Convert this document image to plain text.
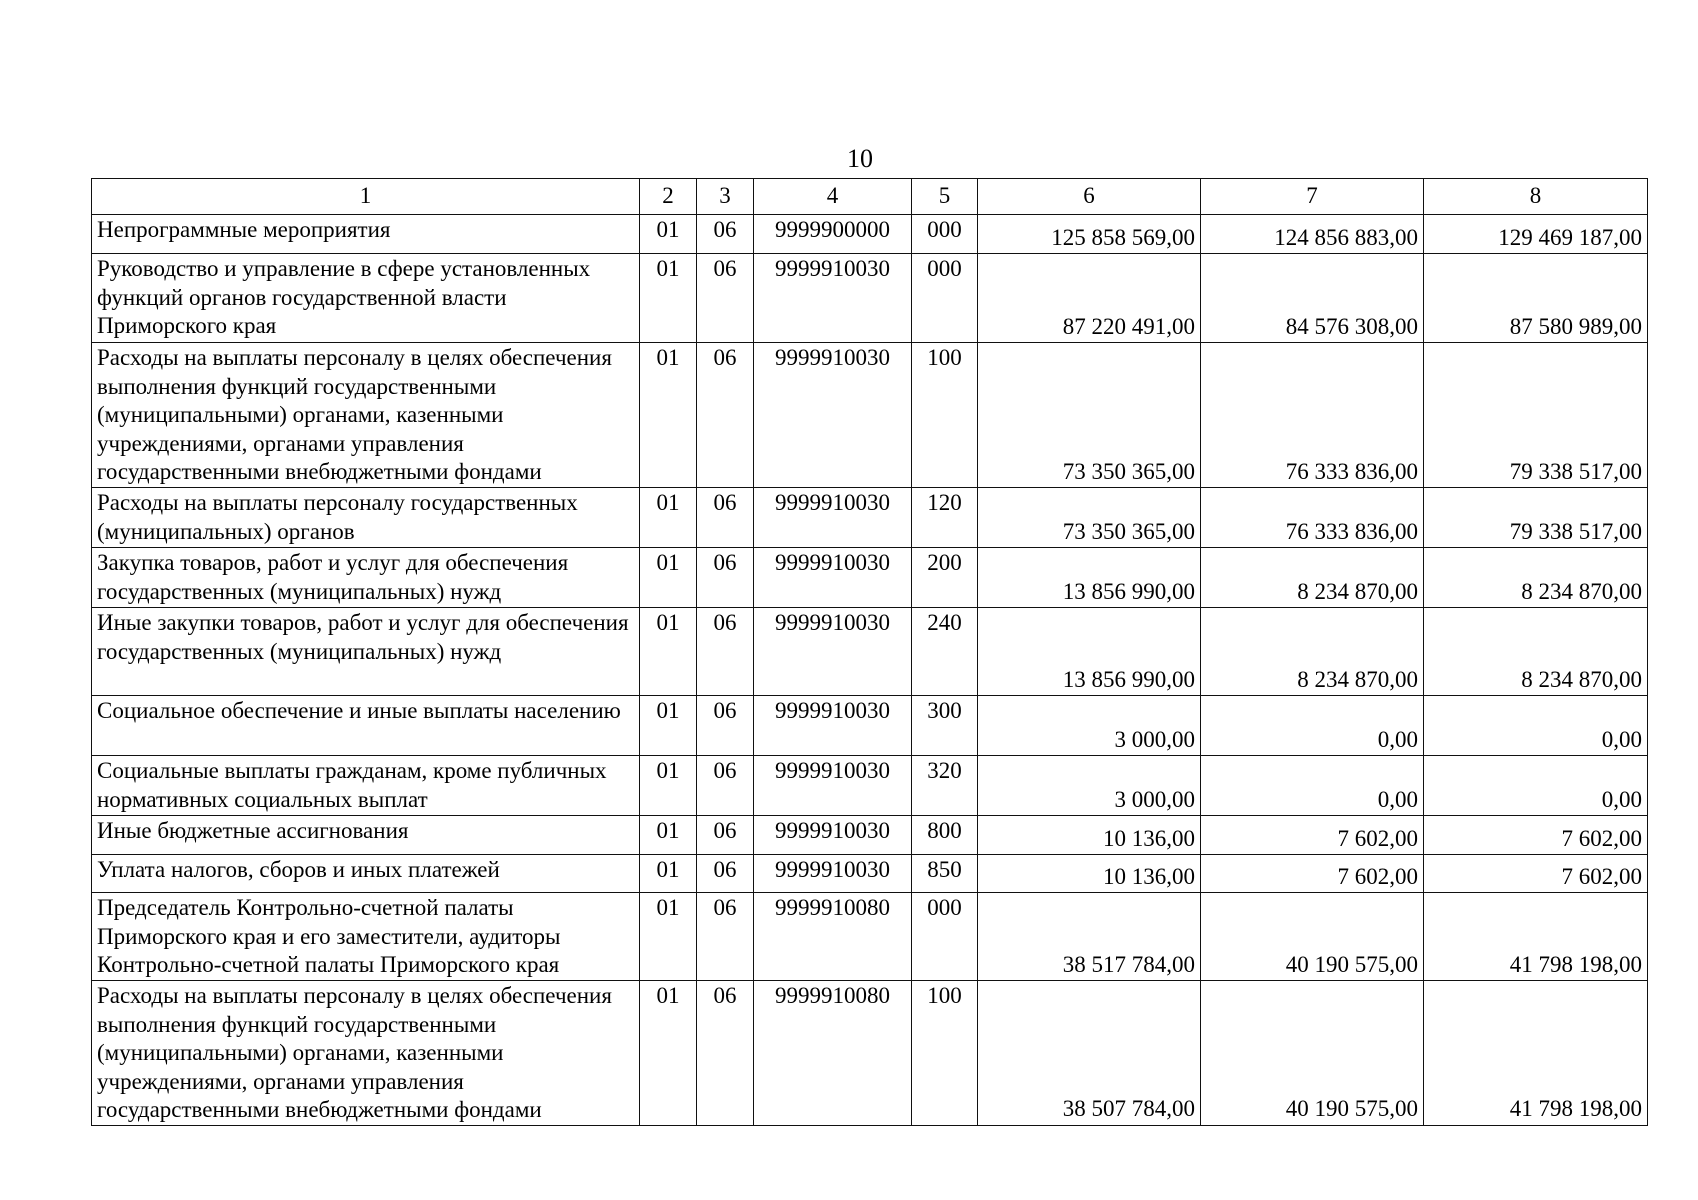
10
1	2	3	4	5	6	7	8
Непрограммные мероприятия	01	06	9999900000	000	125 858 569,00	124 856 883,00	129 469 187,00

Руководство и управление в сфере установленных функций органов государственной власти Приморского края	01	06	9999910030	000	87 220 491,00	84 576 308,00	87 580 989,00

Расходы на выплаты персоналу в целях обеспечения выполнения функций государственными (муниципальными) органами, казенными учреждениями, органами управления государственными внебюджетными фондами	01	06	9999910030	100	73 350 365,00	76 333 836,00	79 338 517,00

Расходы на выплаты персоналу государственных (муниципальных) органов	01	06	9999910030	120	73 350 365,00	76 333 836,00	79 338 517,00

Закупка товаров, работ и услуг для обеспечения государственных (муниципальных) нужд	01	06	9999910030	200	13 856 990,00	8 234 870,00	8 234 870,00

Иные закупки товаров, работ и услуг для обеспечения государственных (муниципальных) нужд	01	06	9999910030	240	13 856 990,00	8 234 870,00	8 234 870,00

Социальное обеспечение и иные выплаты населению	01	06	9999910030	300	3 000,00	0,00	0,00

Социальные выплаты гражданам, кроме публичных нормативных социальных выплат	01	06	9999910030	320	3 000,00	0,00	0,00

Иные бюджетные ассигнования	01	06	9999910030	800	10 136,00	7 602,00	7 602,00

Уплата налогов, сборов и иных платежей	01	06	9999910030	850	10 136,00	7 602,00	7 602,00

Председатель Контрольно-счетной палаты Приморского края и его заместители, аудиторы Контрольно-счетной палаты Приморского края	01	06	9999910080	000	38 517 784,00	40 190 575,00	41 798 198,00

Расходы на выплаты персоналу в целях обеспечения выполнения функций государственными (муниципальными) органами, казенными учреждениями, органами управления государственными внебюджетными фондами	01	06	9999910080	100	38 507 784,00	40 190 575,00	41 798 198,00
